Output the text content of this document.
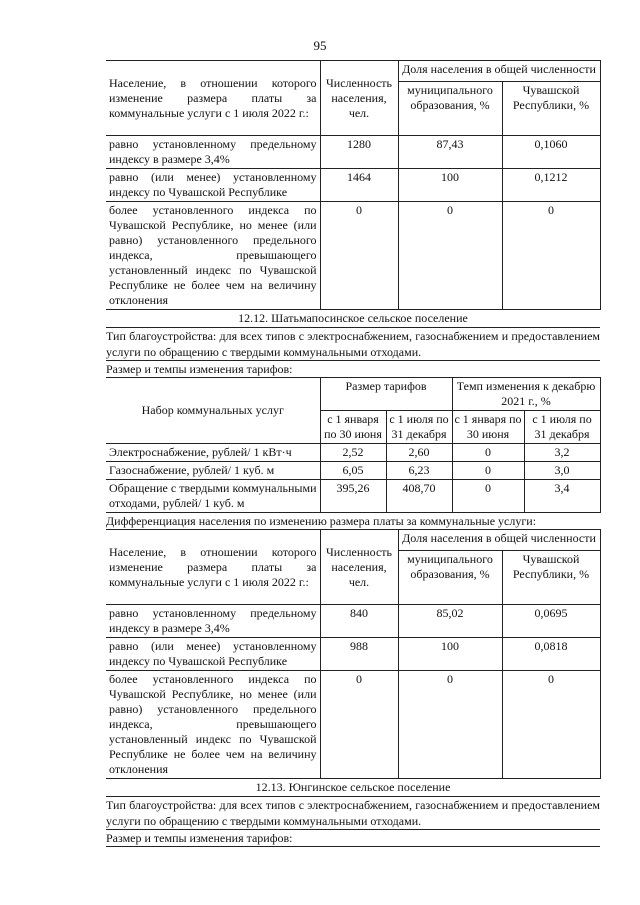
95
Население, в отношении которого изменение размера платы за коммунальные услуги с 1 июля 2022 г.:	Численность населения, чел.	Доля населения в общей численности	
		муниципального образования, %	Чувашской Республики, %
равно установленному предельному индексу в размере 3,4%	1280	87,43	0,1060
равно (или менее) установленному индексу по Чувашской Республике	1464	100	0,1212
более установленного индекса по Чувашской Республике, но менее (или равно) установленного предельного индекса, превышающего установленный индекс по Чувашской Республике не более чем на величину отклонения	0	0	0
12.12. Шатьмапосинское сельское поселение			
Тип благоустройства: для всех типов с электроснабжением, газоснабжением и предоставлением услуги по обращению с твердыми коммунальными отходами.
Размер и темпы изменения тарифов:
Набор коммунальных услуг	Размер тарифов		Темп изменения к декабрю 2021 г., %	
	с 1 января по 30 июня	с 1 июля по 31 декабря	с 1 января по 30 июня	с 1 июля по 31 декабря
Электроснабжение, рублей/ 1 кВт·ч	2,52	2,60	0	3,2
Газоснабжение, рублей/ 1 куб. м	6,05	6,23	0	3,0
Обращение с твердыми коммунальными отходами, рублей/ 1 куб. м	395,26	408,70	0	3,4
Дифференциация населения по изменению размера платы за коммунальные услуги:
Население, в отношении которого изменение размера платы за коммунальные услуги с 1 июля 2022 г.:	Численность населения, чел.	Доля населения в общей численности	
		муниципального образования, %	Чувашской Республики, %
равно установленному предельному индексу в размере 3,4%	840	85,02	0,0695
равно (или менее) установленному индексу по Чувашской Республике	988	100	0,0818
более установленного индекса по Чувашской Республике, но менее (или равно) установленного предельного индекса, превышающего установленный индекс по Чувашской Республике не более чем на величину отклонения	0	0	0
12.13. Юнгинское сельское поселение			
Тип благоустройства: для всех типов с электроснабжением, газоснабжением и предоставлением услуги по обращению с твердыми коммунальными отходами.
Размер и темпы изменения тарифов:
